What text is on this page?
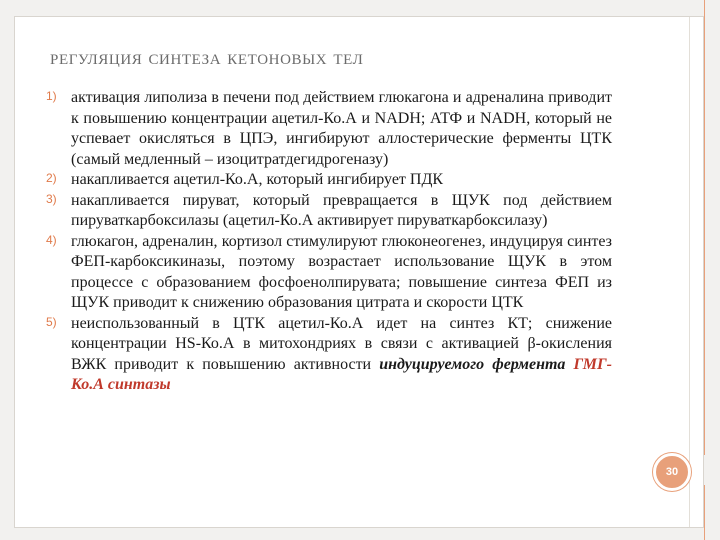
регуляция синтеза кетоновых тел
1) активация липолиза в печени под действием глюкагона и адреналина приводит к повышению концентрации ацетил-Ко.А и NADH; АТФ и NADH, который не успевает окисляться в ЦПЭ, ингибируют аллостерические ферменты ЦТК (самый медленный – изоцитратдегидрогеназу)
2) накапливается ацетил-Ко.А, который ингибирует ПДК
3) накапливается пируват, который превращается в ЩУК под действием пируваткарбоксилазы (ацетил-Ко.А активирует пируваткарбоксилазу)
4) глюкагон, адреналин, кортизол стимулируют глюконеогенез, индуцируя синтез ФЕП-карбоксикиназы, поэтому возрастает использование ЩУК в этом процессе с образованием фосфоенолпирувата; повышение синтеза ФЕП из ЩУК приводит к снижению образования цитрата и скорости ЦТК
5) неиспользованный в ЦТК ацетил-Ко.А идет на синтез КТ; снижение концентрации HS-Ко.А в митохондриях в связи с активацией β-окисления ВЖК приводит к повышению активности индуцируемого фермента ГМГ-Ко.А синтазы
30
